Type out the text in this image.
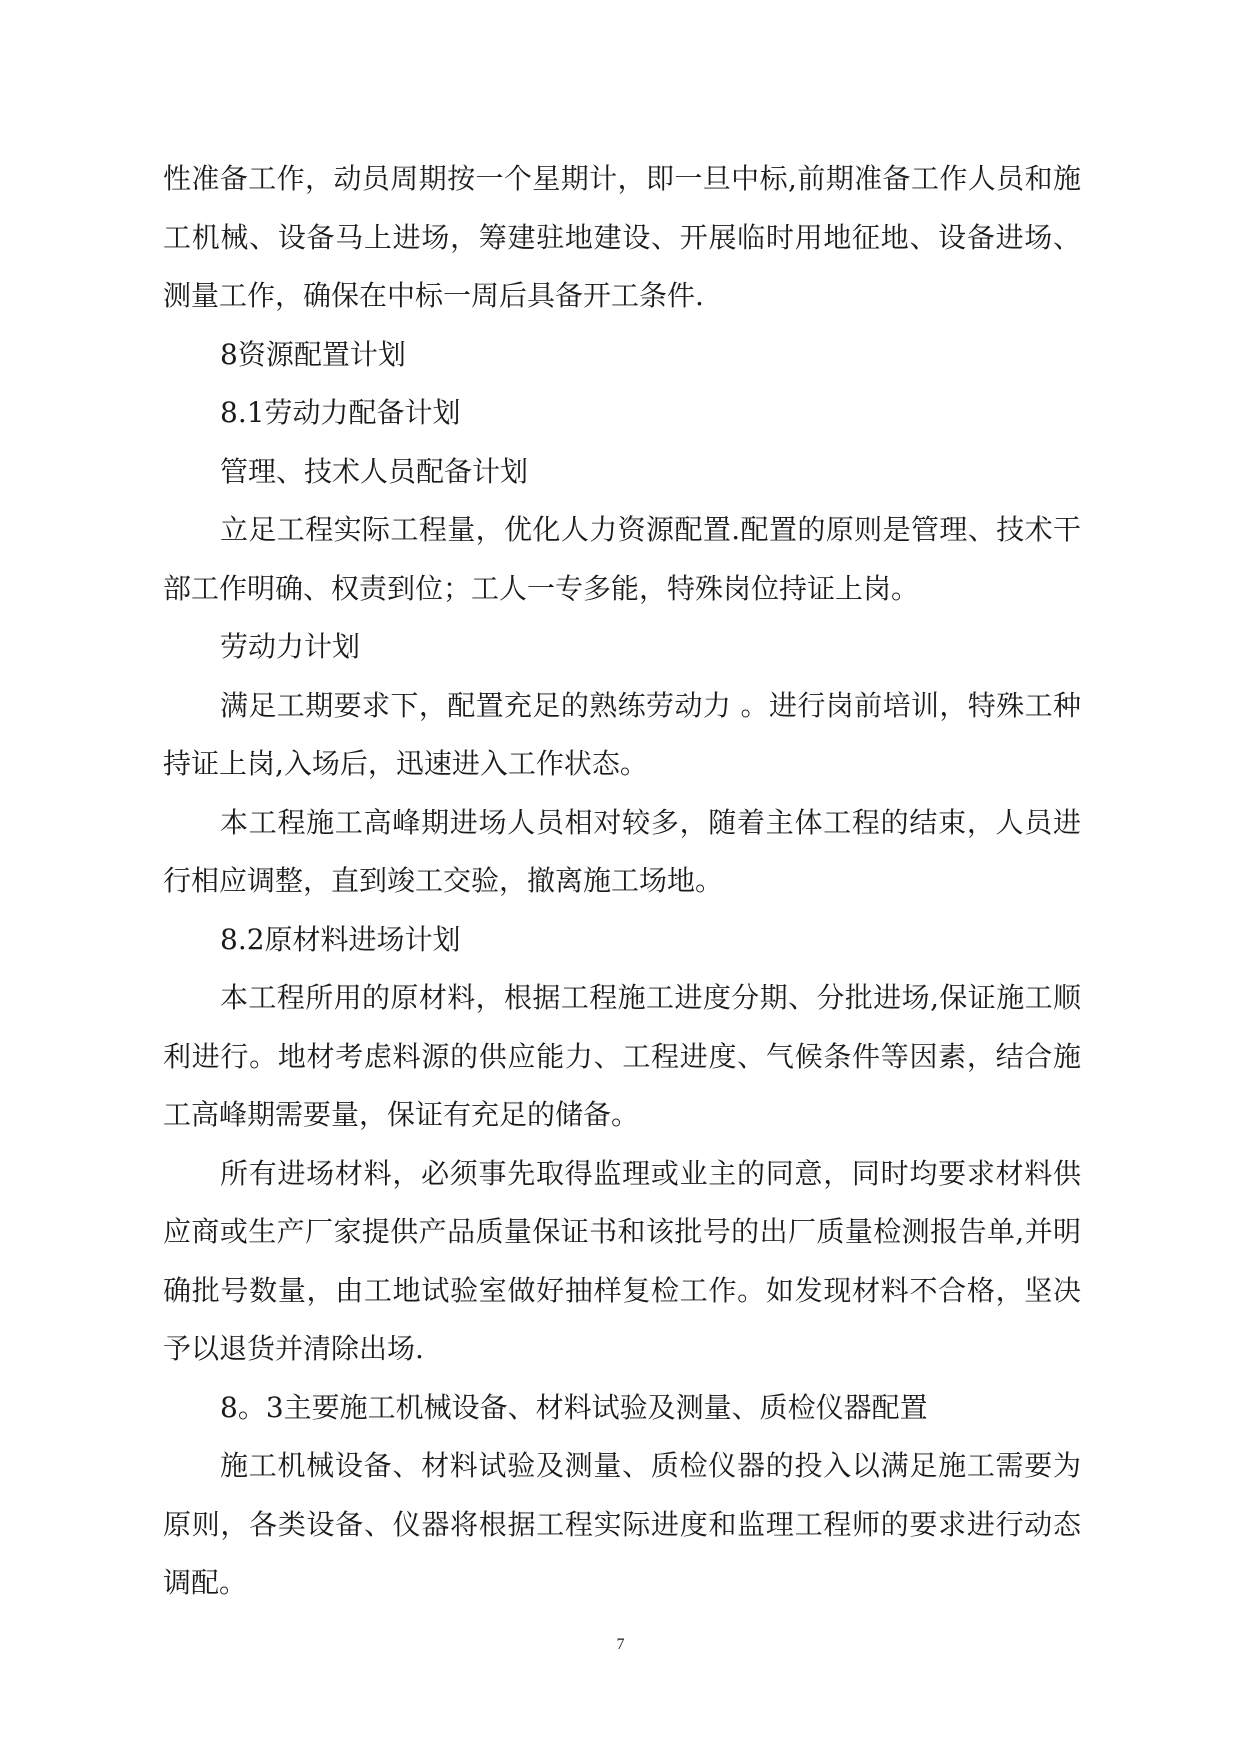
性准备工作，动员周期按一个星期计，即一旦中标,前期准备工作人员和施工机械、设备马上进场，筹建驻地建设、开展临时用地征地、设备进场、测量工作，确保在中标一周后具备开工条件.

8资源配置计划

8.1劳动力配备计划

管理、技术人员配备计划

立足工程实际工程量，优化人力资源配置.配置的原则是管理、技术干部工作明确、权责到位；工人一专多能，特殊岗位持证上岗。

劳动力计划

满足工期要求下，配置充足的熟练劳动力 。进行岗前培训，特殊工种持证上岗,入场后，迅速进入工作状态。

本工程施工高峰期进场人员相对较多，随着主体工程的结束，人员进行相应调整，直到竣工交验，撤离施工场地。

8.2原材料进场计划

本工程所用的原材料，根据工程施工进度分期、分批进场,保证施工顺利进行。地材考虑料源的供应能力、工程进度、气候条件等因素，结合施工高峰期需要量，保证有充足的储备。

所有进场材料，必须事先取得监理或业主的同意，同时均要求材料供应商或生产厂家提供产品质量保证书和该批号的出厂质量检测报告单,并明确批号数量，由工地试验室做好抽样复检工作。如发现材料不合格，坚决予以退货并清除出场.

8。3主要施工机械设备、材料试验及测量、质检仪器配置

施工机械设备、材料试验及测量、质检仪器的投入以满足施工需要为原则，各类设备、仪器将根据工程实际进度和监理工程师的要求进行动态调配。

7
